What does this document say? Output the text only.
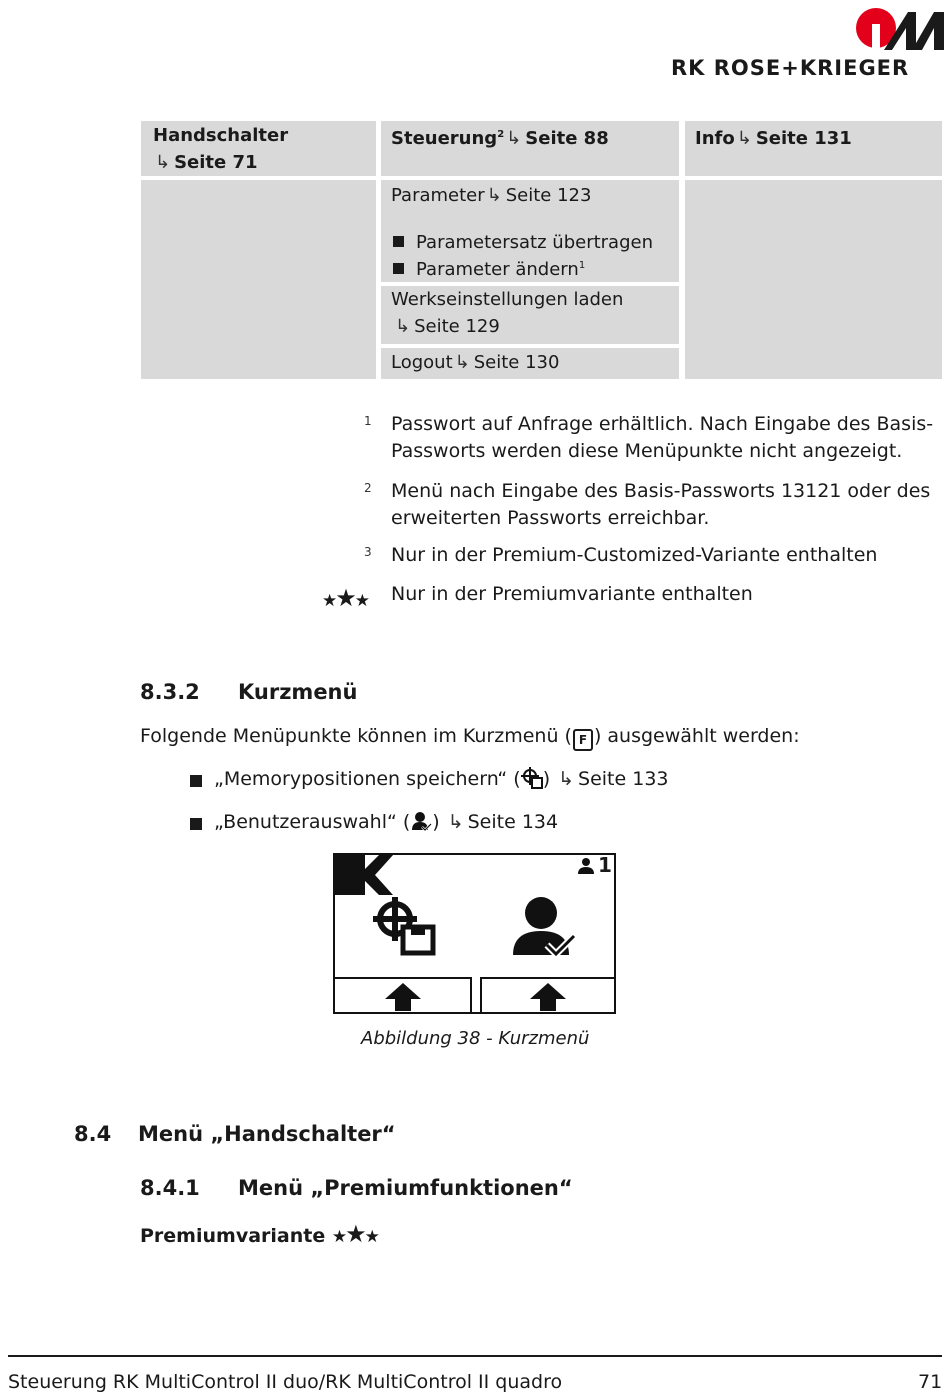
RK ROSE+KRIEGER
Handschalter
↳ Seite 71
Steuerung$^2$ ↳ Seite 88	Info ↳ Seite 131
Parameter ↳ Seite 123
Parametersatz übertragen
Parameter ändern$^1$
Werkseinstellungen laden
↳ Seite 129
Logout ↳ Seite 130
1 Passwort auf Anfrage erhältlich. Nach Eingabe des Basis-
Passworts werden diese Menüpunkte nicht angezeigt.
2 Menü nach Eingabe des Basis-Passworts 13121 oder des
erweiterten Passworts erreichbar.
3 Nur in der Premium-Customized-Variante enthalten
★★★ Nur in der Premiumvariante enthalten
8.3.2 Kurzmenü
Folgende Menüpunkte können im Kurzmenü ( F ) ausgewählt werden:
„Memorypositionen speichern“ ( ) ↳ Seite 133
„Benutzerauswahl“ ( ) ↳ Seite 134
1
Abbildung 38 - Kurzmenü
8.4 Menü „Handschalter“
8.4.1 Menü „Premiumfunktionen“
Premiumvariante ★★★
Steuerung RK MultiControl II duo/RK MultiControl II quadro	71
